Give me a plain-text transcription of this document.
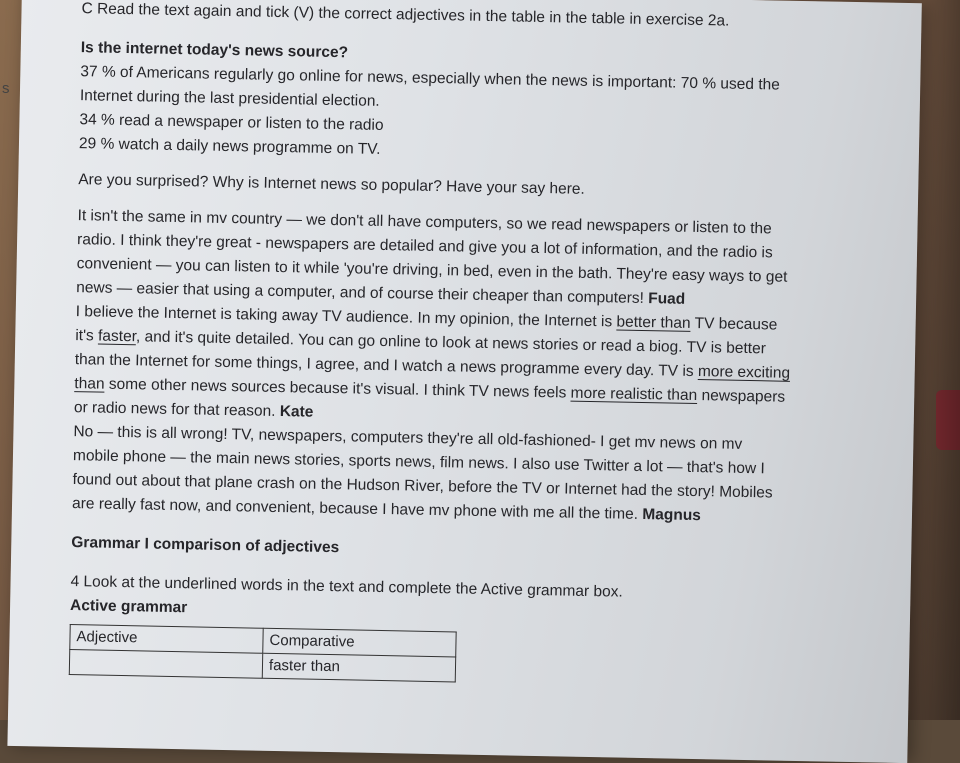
s

C Read the text again and tick (V) the correct adjectives in the table in the table in exercise 2a.

Is the internet today's news source?

37 % of Americans regularly go online for news, especially when the news is important: 70 % used the

Internet during the last presidential election.

34 % read a newspaper or listen to the radio

29 % watch a daily news programme on TV.

Are you surprised? Why is Internet news so popular? Have your say here.

It isn't the same in mv country — we don't all have computers, so we read newspapers or listen to the

radio. I think they're great - newspapers are detailed and give you a lot of information, and the radio is

convenient — you can listen to it while 'you're driving, in bed, even in the bath. They're easy ways to get

news — easier that using a computer, and of course their cheaper than computers! Fuad

I believe the Internet is taking away TV audience. In my opinion, the Internet is better than TV because

it's faster, and it's quite detailed. You can go online to look at news stories or read a biog. TV is better

than the Internet for some things, I agree, and I watch a news programme every day. TV is more exciting

than some other news sources because it's visual. I think TV news feels more realistic than newspapers

or radio news for that reason. Kate

No — this is all wrong! TV, newspapers, computers they're all old-fashioned- I get mv news on mv

mobile phone — the main news stories, sports news, film news. I also use Twitter a lot — that's how I

found out about that plane crash on the Hudson River, before the TV or Internet had the story! Mobiles

are really fast now, and convenient, because I have mv phone with me all the time. Magnus

Grammar I comparison of adjectives

4 Look at the underlined words in the text and complete the Active grammar box.

Active grammar

Adjective	Comparative
	faster than
